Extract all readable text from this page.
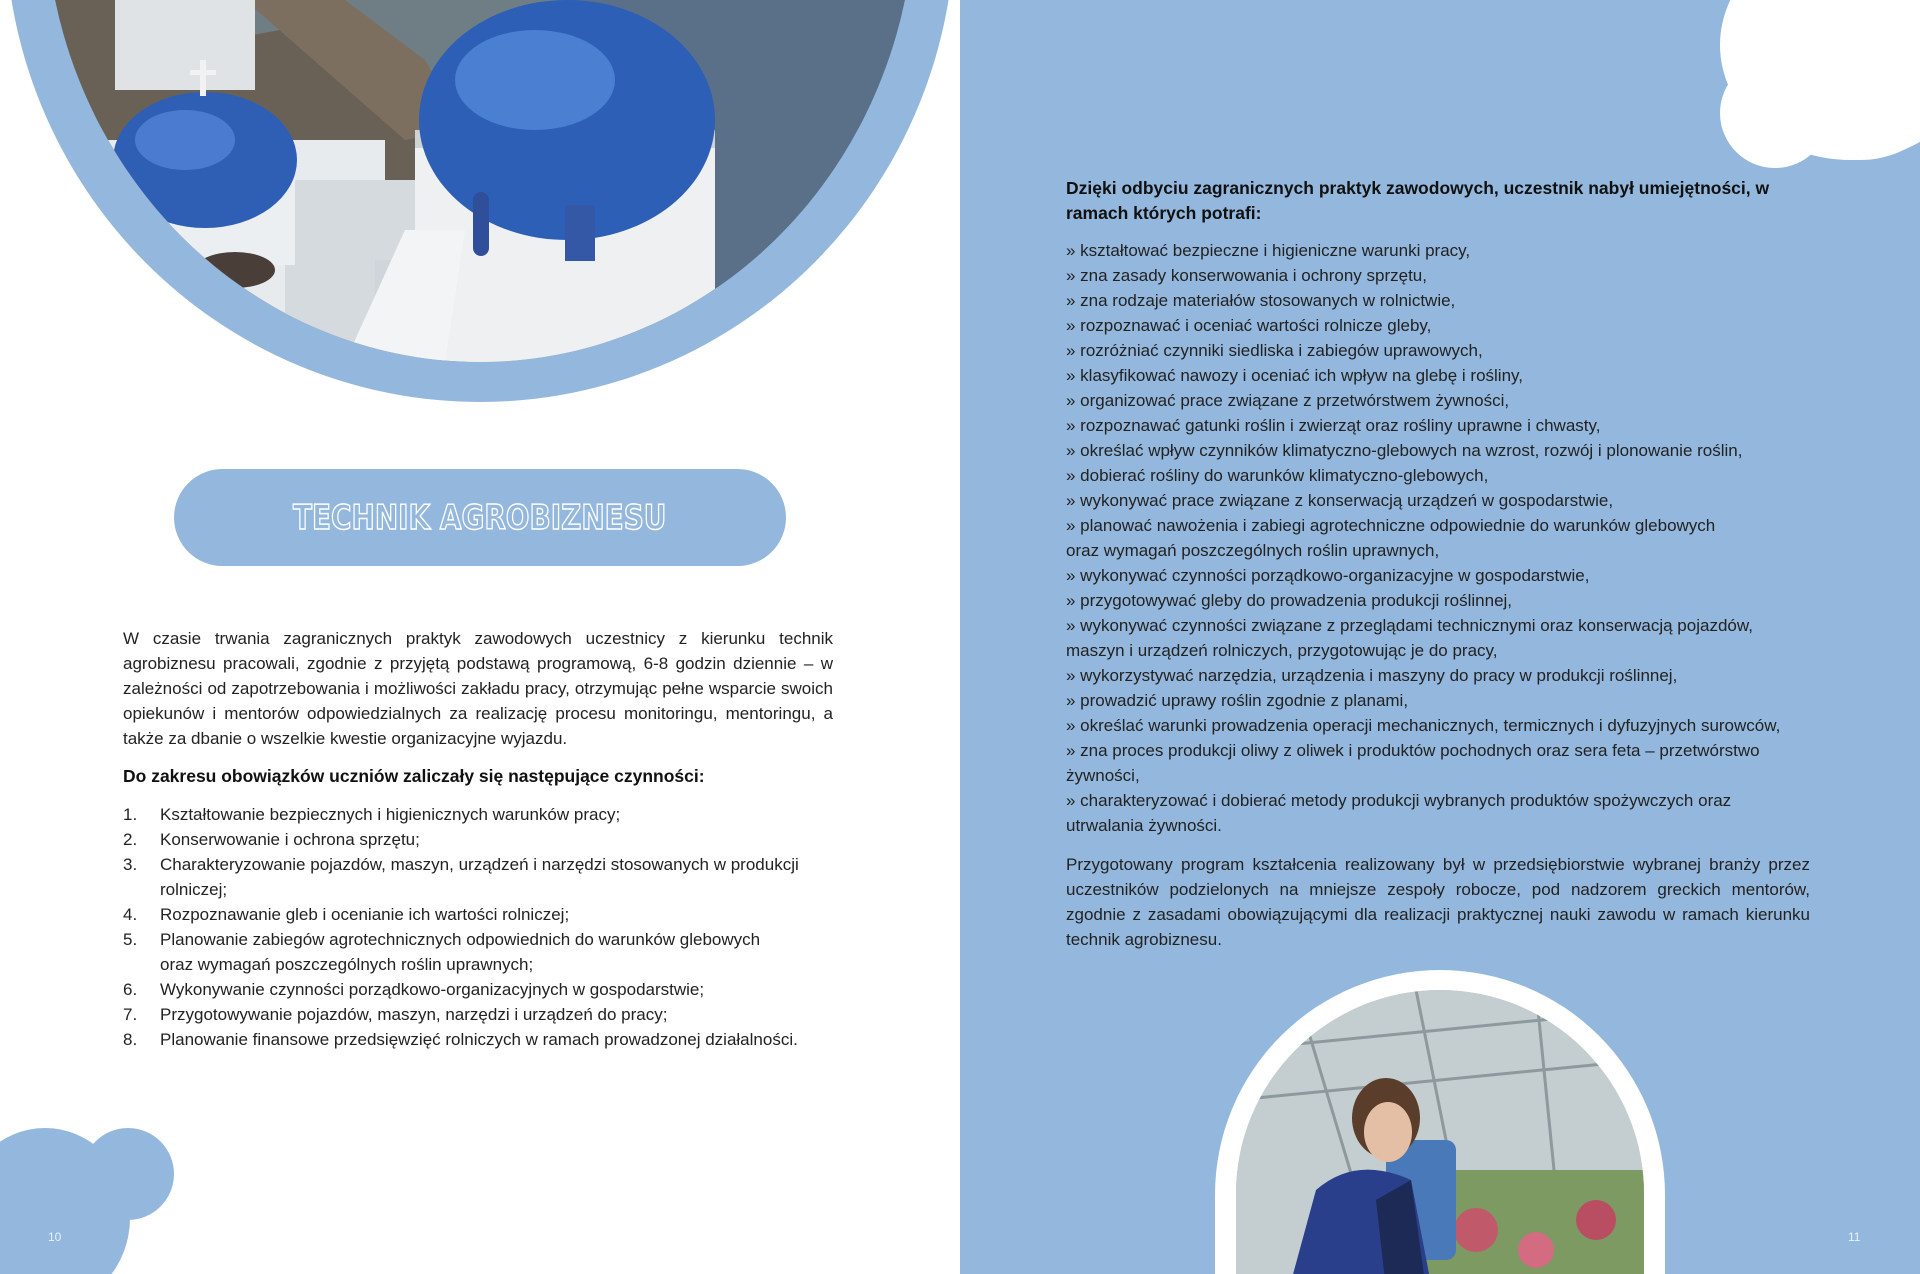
TECHNIK AGROBIZNESU

W czasie trwania zagranicznych praktyk zawodowych uczestnicy z kierunku technik agrobiznesu pracowali, zgodnie z przyjętą podstawą programową, 6-8 godzin dziennie – w zależności od zapotrzebowania i możliwości zakładu pracy, otrzymując pełne wsparcie swoich opiekunów i mentorów odpowiedzialnych za realizację procesu monitoringu, mentoringu, a także za dbanie o wszelkie kwestie organizacyjne wyjazdu.

Do zakresu obowiązków uczniów zaliczały się następujące czynności:

1.	Kształtowanie bezpiecznych i higienicznych warunków pracy;
2.	Konserwowanie i ochrona sprzętu;
3.	Charakteryzowanie pojazdów, maszyn, urządzeń i narzędzi stosowanych w produkcji rolniczej;
4.	Rozpoznawanie gleb i ocenianie ich wartości rolniczej;
5.	Planowanie zabiegów agrotechnicznych odpowiednich do warunków glebowych oraz wymagań poszczególnych roślin uprawnych;
6.	Wykonywanie czynności porządkowo-organizacyjnych w gospodarstwie;
7.	Przygotowywanie pojazdów, maszyn, narzędzi i urządzeń do pracy;
8.	Planowanie finansowe przedsięwzięć rolniczych w ramach prowadzonej działalności.
10

Dzięki odbyciu zagranicznych praktyk zawodowych, uczestnik nabył umiejętności, w ramach których potrafi:

» kształtować bezpieczne i higieniczne warunki pracy,
» zna zasady konserwowania i ochrony sprzętu,
» zna rodzaje materiałów stosowanych w rolnictwie,
» rozpoznawać i oceniać wartości rolnicze gleby,
» rozróżniać czynniki siedliska i zabiegów uprawowych,
» klasyfikować nawozy i oceniać ich wpływ na glebę i rośliny,
» organizować prace związane z przetwórstwem żywności,
» rozpoznawać gatunki roślin i zwierząt oraz rośliny uprawne i chwasty,
» określać wpływ czynników klimatyczno-glebowych na wzrost, rozwój i plonowanie roślin,
» dobierać rośliny do warunków klimatyczno-glebowych,
» wykonywać prace związane z konserwacją urządzeń w gospodarstwie,
» planować nawożenia i zabiegi agrotechniczne odpowiednie do warunków glebowych oraz wymagań poszczególnych roślin uprawnych,
» wykonywać czynności porządkowo-organizacyjne w gospodarstwie,
» przygotowywać gleby do prowadzenia produkcji roślinnej,
» wykonywać czynności związane z przeglądami technicznymi oraz konserwacją pojazdów, maszyn i urządzeń rolniczych, przygotowując je do pracy,
» wykorzystywać narzędzia, urządzenia i maszyny do pracy w produkcji roślinnej,
» prowadzić uprawy roślin zgodnie z planami,
» określać warunki prowadzenia operacji mechanicznych, termicznych i dyfuzyjnych surowców,
» zna proces produkcji oliwy z oliwek i produktów pochodnych oraz sera feta – przetwórstwo żywności,
» charakteryzować i dobierać metody produkcji wybranych produktów spożywczych oraz utrwalania żywności.

Przygotowany program kształcenia realizowany był w przedsiębiorstwie wybranej branży przez uczestników podzielonych na mniejsze zespoły robocze, pod nadzorem greckich mentorów, zgodnie z zasadami obowiązującymi dla realizacji praktycznej nauki zawodu w ramach kierunku technik agrobiznesu.

11
